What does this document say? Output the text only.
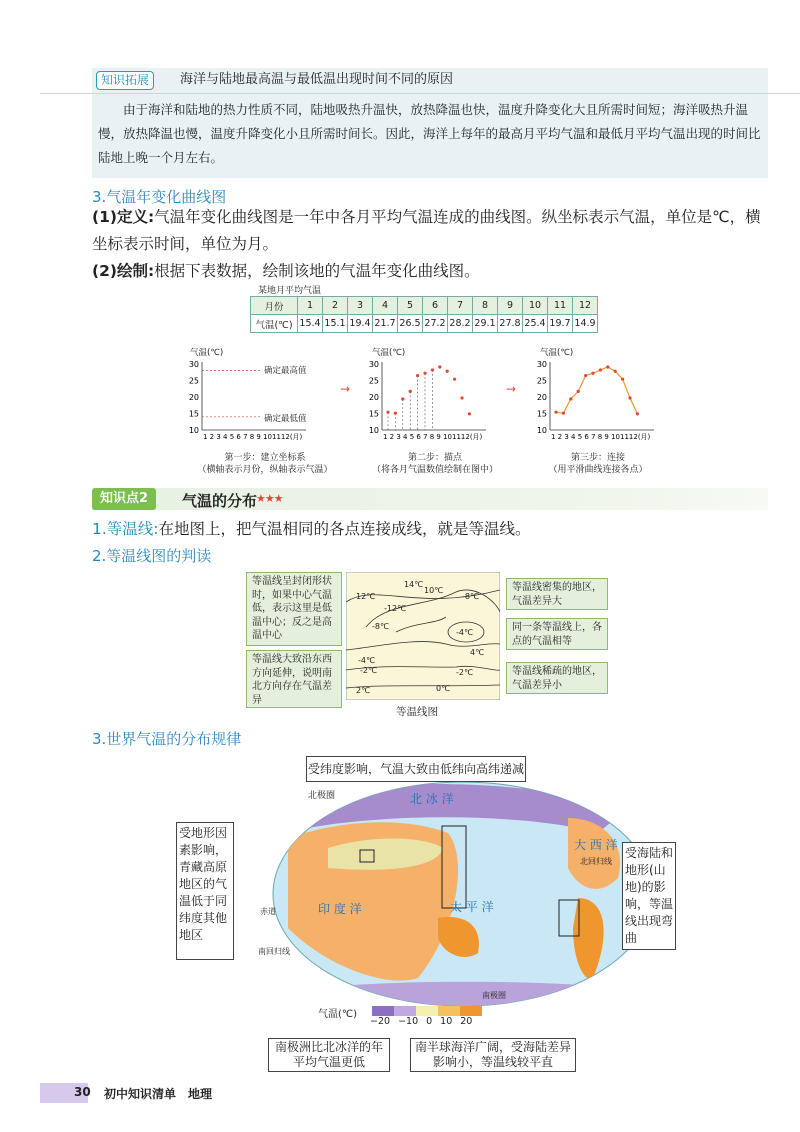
知识拓展	海洋与陆地最高温与最低温出现时间不同的原因
由于海洋和陆地的热力性质不同，陆地吸热升温快，放热降温也快，温度升降变化大且所需时间短；海洋吸热升温慢，放热降温也慢，温度升降变化小且所需时间长。因此，海洋上每年的最高月平均气温和最低月平均气温出现的时间比陆地上晚一个月左右。
3.气温年变化曲线图
(1)定义:气温年变化曲线图是一年中各月平均气温连成的曲线图。纵坐标表示气温，单位是℃，横坐标表示时间，单位为月。
(2)绘制:根据下表数据，绘制该地的气温年变化曲线图。
某地月平均气温
月份	1	2	3	4	5	6	7	8	9	10	11	12
气温(℃)	15.4	15.1	19.4	21.7	26.5	27.2	28.2	29.1	27.8	25.4	19.7	14.9
10
15
20
25
30
1 2 3 4 5 6 7 8 9 101112(月)
10
15
20
25
30
1 2 3 4 5 6 7 8 9 101112(月)
10
15
20
25
30
1 2 3 4 5 6 7 8 9 101112(月)
气温(℃)	气温(℃)	气温(℃)
确定最高值
确定最低值
→	→
第一步：建立坐标系
（横轴表示月份，纵轴表示气温）
第二步：描点
（将各月气温数值绘制在图中）
第三步：连接
（用平滑曲线连接各点）
知识点2	气温的分布
★★★
1.等温线:在地图上，把气温相同的各点连接成线，就是等温线。
2.等温线图的判读
14℃
12℃
10℃
-8℃
-12℃
-8℃
-4℃
-4℃
-2℃	-2℃
2℃	0℃
4℃
等温线图
等温线呈封闭形状时，如果中心气温低，表示这里是低温中心；反之是高温中心
等温线大致沿东西方向延伸，说明南北方向存在气温差异
等温线密集的地区，气温差异大
同一条等温线上，各点的气温相等
等温线稀疏的地区，气温差异小
3.世界气温的分布规律
北极圈	北 冰 洋
印 度 洋	太 平 洋
大 西 洋
北回归线
赤道
南回归线
南极圈
受纬度影响，气温大致由低纬向高纬递减
受地形因素影响，青藏高原地区的气温低于同纬度其他地区
受海陆和地形(山地)的影响，等温线出现弯曲
南极洲比北冰洋的年平均气温更低
南半球海洋广阔，受海陆差异影响小，等温线较平直
气温(℃)
−20 −10 0 10 20
30 初中知识清单　地理
